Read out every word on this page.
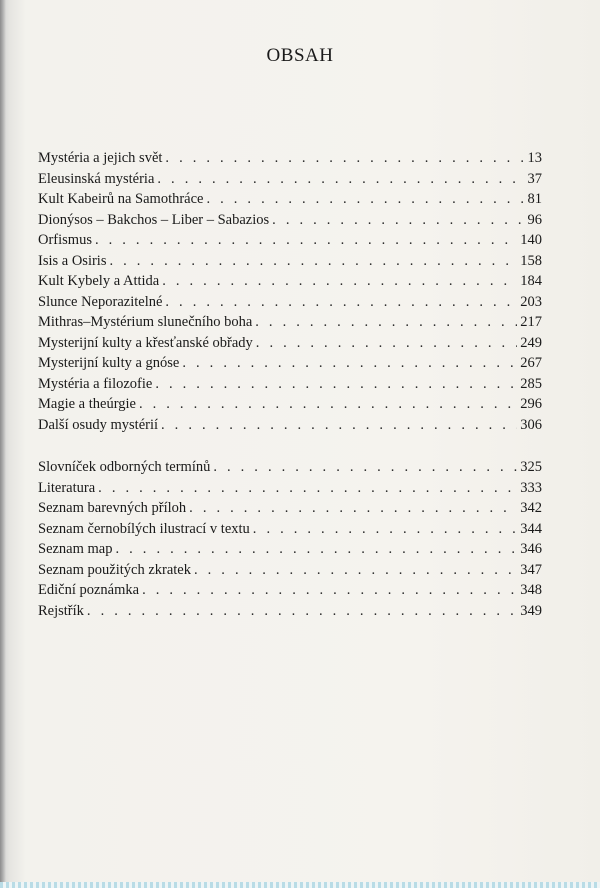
OBSAH
Mystéria a jejich svět . . .	13
Eleusinská mystéria . . .	37
Kult Kabeirů na Samothráce . . .	81
Dionýsos – Bakchos – Liber – Sabazios . . .	96
Orfismus . . .	140
Isis a Osiris . . .	158
Kult Kybely a Attida . . .	184
Slunce Neporazitelné . . .	203
Mithras–Mystérium slunečního boha . . .	217
Mysterijní kulty a křesťanské obřady . . .	249
Mysterijní kulty a gnóse . . .	267
Mystéria a filozofie . . .	285
Magie a theúrgie . . .	296
Další osudy mystérií . . .	306
Slovníček odborných termínů . . .	325
Literatura . . .	333
Seznam barevných příloh . . .	342
Seznam černobílých ilustrací v textu . . .	344
Seznam map . . .	346
Seznam použitých zkratek . . .	347
Ediční poznámka . . .	348
Rejstřík . . .	349
